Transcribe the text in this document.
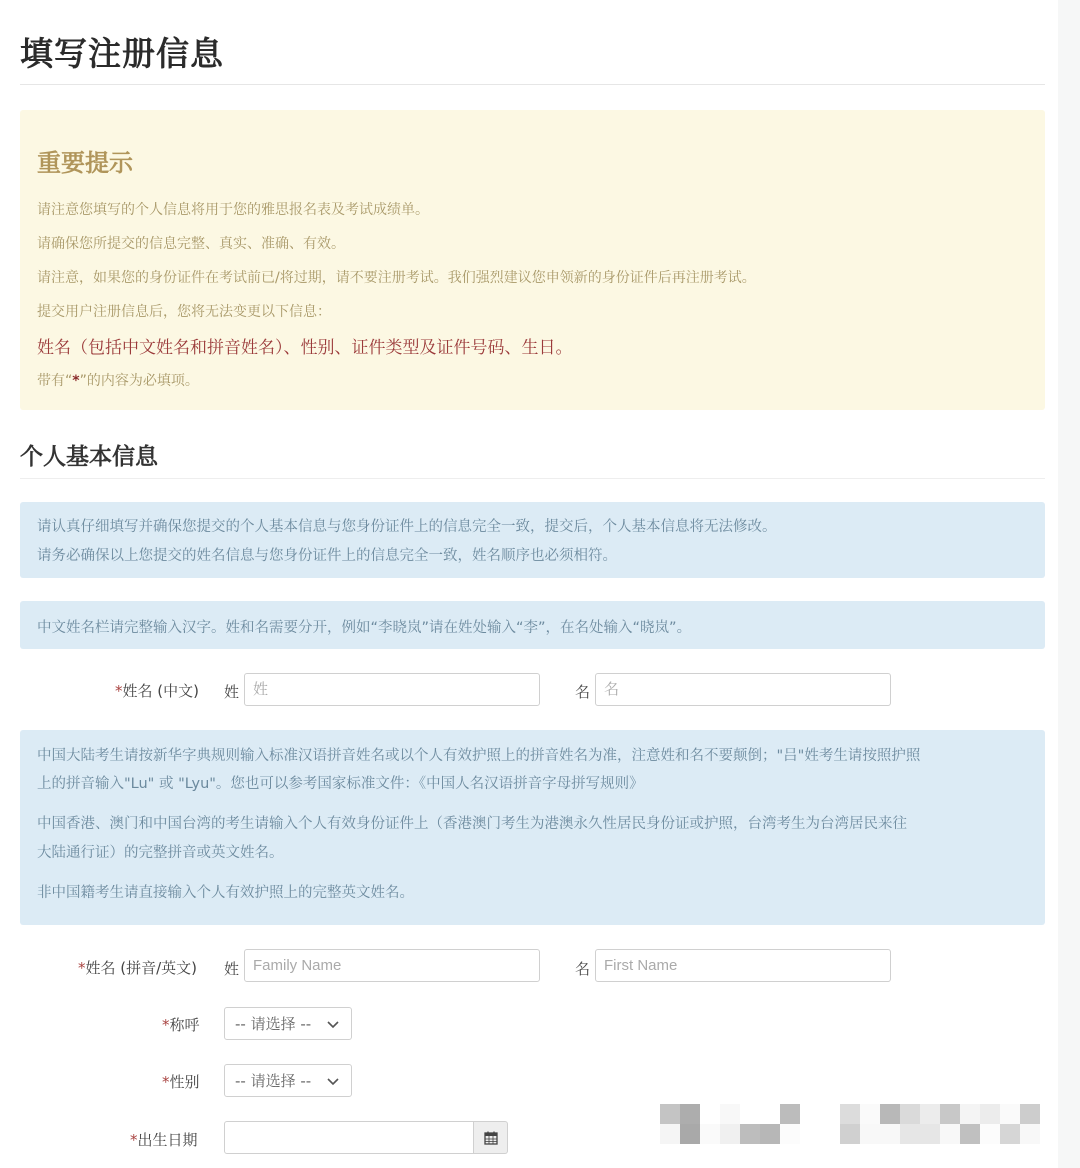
填写注册信息
重要提示
请注意您填写的个人信息将用于您的雅思报名表及考试成绩单。
请确保您所提交的信息完整、真实、准确、有效。
请注意，如果您的身份证件在考试前已/将过期，请不要注册考试。我们强烈建议您申领新的身份证件后再注册考试。
提交用户注册信息后，您将无法变更以下信息：
姓名（包括中文姓名和拼音姓名）、性别、证件类型及证件号码、生日。
带有“*”的内容为必填项。
个人基本信息
请认真仔细填写并确保您提交的个人基本信息与您身份证件上的信息完全一致，提交后，个人基本信息将无法修改。
请务必确保以上您提交的姓名信息与您身份证件上的信息完全一致，姓名顺序也必须相符。
中文姓名栏请完整输入汉字。姓和名需要分开，例如“李晓岚”请在姓处输入“李”，在名处输入“晓岚”。
*姓名 (中文) 姓
姓	名
名
中国大陆考生请按新华字典规则输入标准汉语拼音姓名或以个人有效护照上的拼音姓名为准，注意姓和名不要颠倒；"吕"姓考生请按照护照
上的拼音输入"Lu" 或 "Lyu"。您也可以参考国家标准文件：《中国人名汉语拼音字母拼写规则》
中国香港、澳门和中国台湾的考生请输入个人有效身份证件上（香港澳门考生为港澳永久性居民身份证或护照，台湾考生为台湾居民来往
大陆通行证）的完整拼音或英文姓名。
非中国籍考生请直接输入个人有效护照上的完整英文姓名。
*姓名 (拼音/英文) 姓
Family Name	名
First Name
*称呼 -- 请选择 --
*性别 -- 请选择 --
*出生日期
